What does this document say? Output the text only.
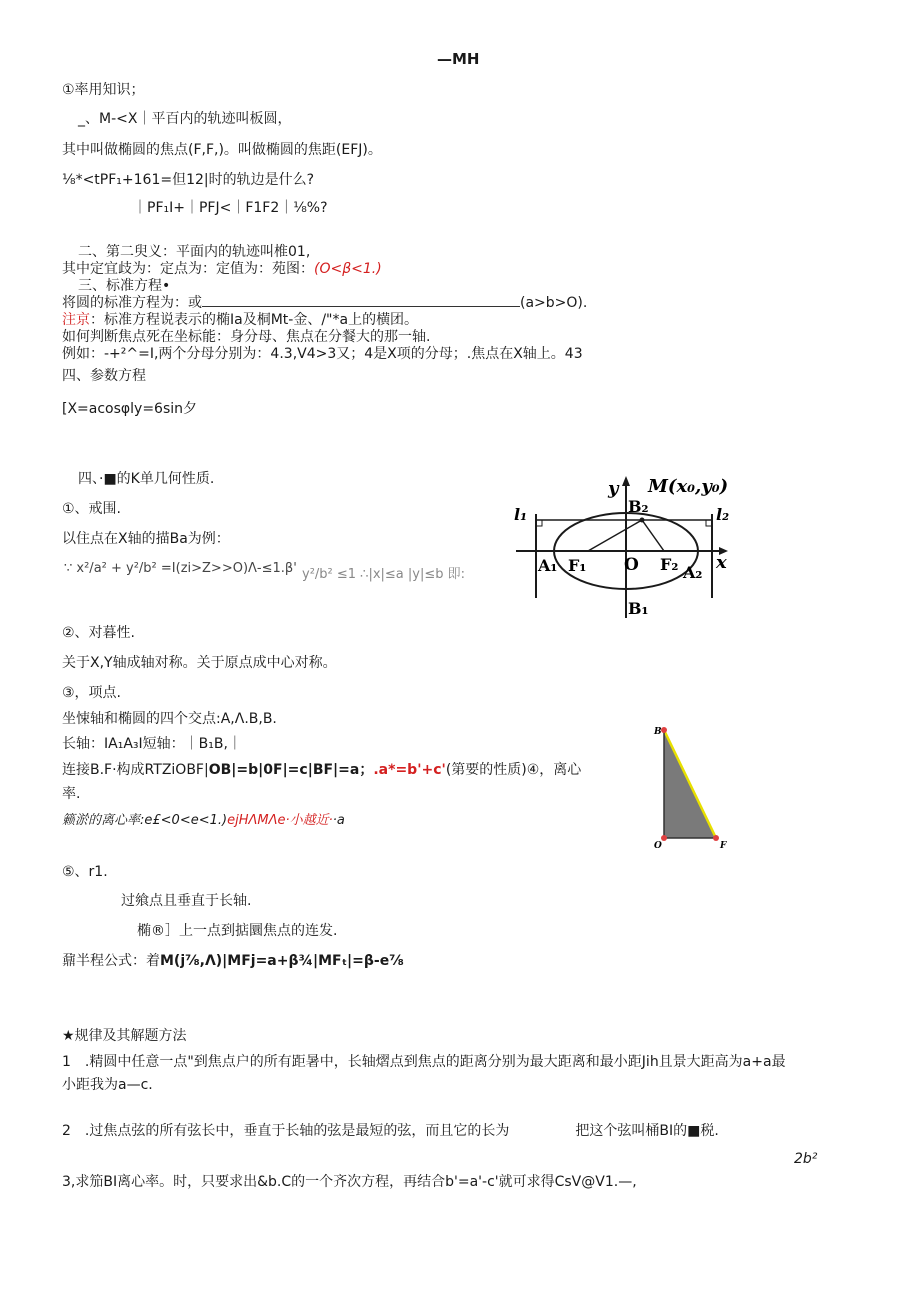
—MH
①率用知识；
_、M-<X｜平百内的轨迹叫板圆，
其中叫做椭圆的焦点(F,F,)。叫做椭圆的焦距(EFJ)。
⅛*<tPF₁+161=但12|时的轨边是什么?
｜PF₁I+｜PFJ<｜F1F2｜⅛%?
二、第二臾义：平面内的轨迹叫椎01,
其中定宜歧为：定点为：定值为：苑图：(O<β<1.)
三、标准方程•
将圆的标准方程为：或	(a>b>O).
注京：标准方程说表示的椭Ia及桐Mt-金、/"*a上的横团。
如何判断焦点死在坐标能：身分母、焦点在分餐大的那一轴.
例如：-+²^=I,两个分母分别为：4.3,V4>3又；4是X项的分母；.焦点在X轴上。43
四、参数方程
[X=acosφly=6sin夕
四、·■的K单几何性质.
①、戒围.
以住点在X轴的描Ba为例：
∵ x²/a² + y²/b² =I(zi>Z>>O)Λ-≤1.β' y²/b² ≤1 ∴|x|≤a |y|≤b 即:
y
x
M(x₀,y₀)
B₂
B₁
l₁	l₂
A₁ F₁ O F₂ A₂
②、对暮性.
关于X,Y轴成轴对称。关于原点成中心对称。
③，项点.
坐悚轴和椭圆的四个交点:A,Λ.B,B.
长轴：IA₁A₃I短轴：｜B₁B,｜
连接B.F·构成RTZiOBF|OB|=b|0F|=c|BF|=a；.a*=b'+c'(第要的性质)④，离心
率.
籁淤的离心率:e£<0<e<1.)ejHΛMΛe·小越近··a
B
O	F
⑤、r1.
过飨点且垂直于长轴.
椭®］上一点到掂圜焦点的连发.
鼐半程公式：着M(j⅞,Λ)|MFj=a+β¾|MFₜ|=β-e⅞
★规律及其解题方法
1　.精圆中任意一点"到焦点户的所有距暑中，长轴熠点到焦点的距离分别为最大距离和最小距Jih且景大距高为a+a最
小距我为a—c.
2　.过焦点弦的所有弦长中，垂直于长轴的弦是最短的弦，而且它的长为	把这个弦叫桶BI的■税.
2b²
3,求笳BI离心率。时，只要求出&b.C的一个齐次方程，再结合b'=a'-c'就可求得CsV@V1.—,
